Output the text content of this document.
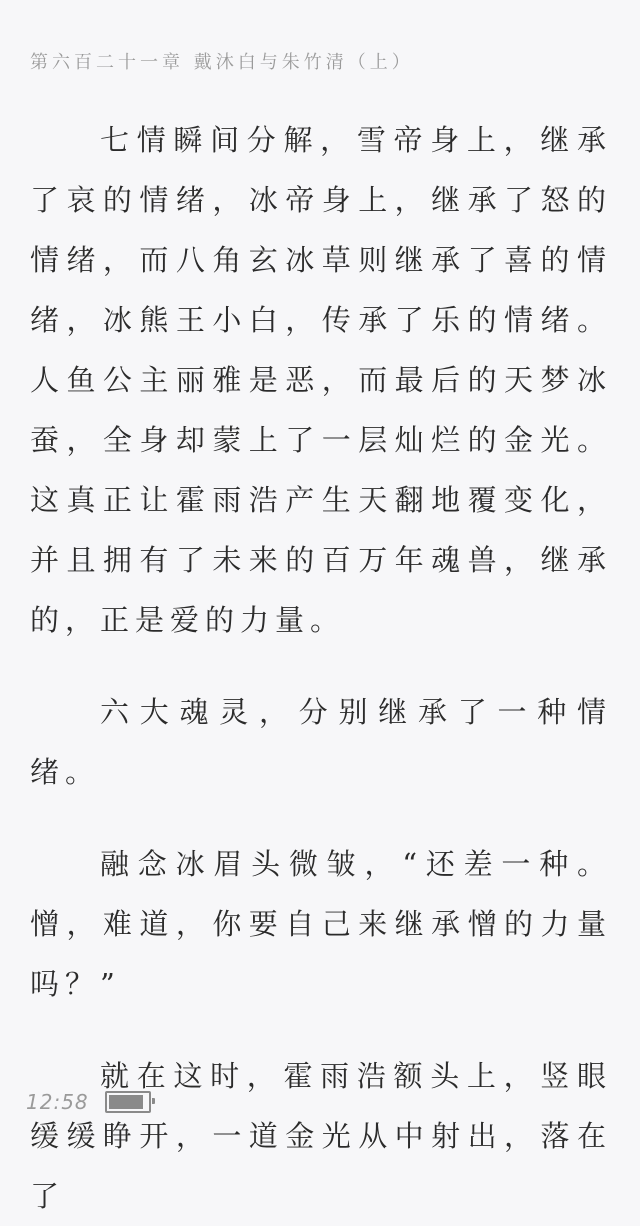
第六百二十一章 戴沐白与朱竹清（上）

七情瞬间分解，雪帝身上，继承了哀的情绪，冰帝身上，继承了怒的情绪，而八角玄冰草则继承了喜的情绪，冰熊王小白，传承了乐的情绪。人鱼公主丽雅是恶，而最后的天梦冰蚕，全身却蒙上了一层灿烂的金光。这真正让霍雨浩产生天翻地覆变化，并且拥有了未来的百万年魂兽，继承的，正是爱的力量。

六大魂灵，分别继承了一种情绪。

融念冰眉头微皱，“还差一种。憎，难道，你要自己来继承憎的力量吗？”

就在这时，霍雨浩额头上，竖眼缓缓睁开，一道金光从中射出，落在了

12:58
